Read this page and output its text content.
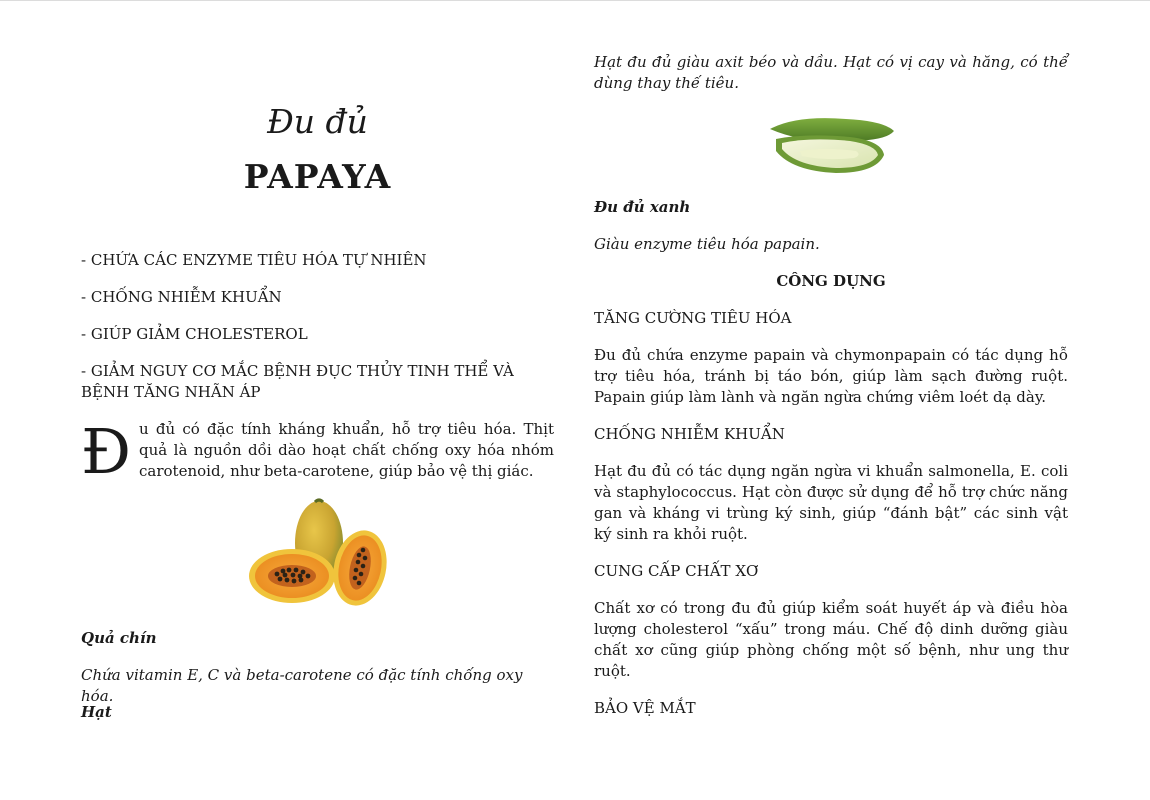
Đu đủ
PAPAYA

- CHỨA CÁC ENZYME TIÊU HÓA TỰ NHIÊN

- CHỐNG NHIỄM KHUẨN

- GIÚP GIẢM CHOLESTEROL

- GIẢM NGUY CƠ MẮC BỆNH ĐỤC THỦY TINH THỂ VÀ BỆNH TĂNG NHÃN ÁP

Đ u đủ có đặc tính kháng khuẩn, hỗ trợ tiêu hóa. Thịt quả là nguồn dồi dào hoạt chất chống oxy hóa nhóm carotenoid, như beta-carotene, giúp bảo vệ thị giác.

Quả chín

Chứa vitamin E, C và beta-carotene có đặc tính chống oxy hóa.

Hạt

Hạt đu đủ giàu axit béo và dầu. Hạt có vị cay và hăng, có thể dùng thay thế tiêu.

Đu đủ xanh

Giàu enzyme tiêu hóa papain.

CÔNG DỤNG

TĂNG CƯỜNG TIÊU HÓA

Đu đủ chứa enzyme papain và chymonpapain có tác dụng hỗ trợ tiêu hóa, tránh bị táo bón, giúp làm sạch đường ruột. Papain giúp làm lành và ngăn ngừa chứng viêm loét dạ dày.

CHỐNG NHIỄM KHUẨN

Hạt đu đủ có tác dụng ngăn ngừa vi khuẩn salmonella, E. coli và staphylococcus. Hạt còn được sử dụng để hỗ trợ chức năng gan và kháng vi trùng ký sinh, giúp “đánh bật” các sinh vật ký sinh ra khỏi ruột.

CUNG CẤP CHẤT XƠ

Chất xơ có trong đu đủ giúp kiểm soát huyết áp và điều hòa lượng cholesterol “xấu” trong máu. Chế độ dinh dưỡng giàu chất xơ cũng giúp phòng chống một số bệnh, như ung thư ruột.

BẢO VỆ MẮT
